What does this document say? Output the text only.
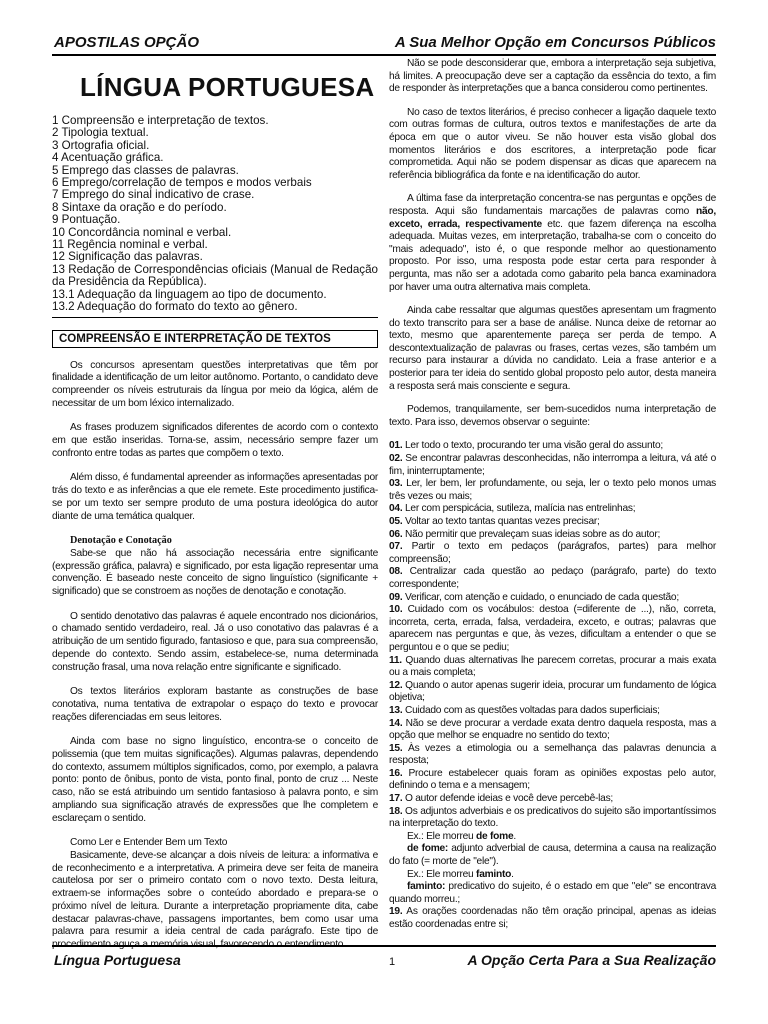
APOSTILAS OPÇÃO	A Sua Melhor Opção em Concursos Públicos
LÍNGUA PORTUGUESA
1 Compreensão e interpretação de textos.
2 Tipologia textual.
3 Ortografia oficial.
4 Acentuação gráfica.
5 Emprego das classes de palavras.
6 Emprego/correlação de tempos e modos verbais
7 Emprego do sinal indicativo de crase.
8 Sintaxe da oração e do período.
9 Pontuação.
10 Concordância nominal e verbal.
11 Regência nominal e verbal.
12 Significação das palavras.
13 Redação de Correspondências oficiais (Manual de Redação da Presidência da República).
13.1 Adequação da linguagem ao tipo de documento.
13.2 Adequação do formato do texto ao gênero.
COMPREENSÃO E INTERPRETAÇÃO DE TEXTOS

Os concursos apresentam questões interpretativas que têm por finalidade a identificação de um leitor autônomo. Portanto, o candidato deve compreender os níveis estruturais da língua por meio da lógica, além de necessitar de um bom léxico internalizado.

As frases produzem significados diferentes de acordo com o contexto em que estão inseridas. Torna-se, assim, necessário sempre fazer um confronto entre todas as partes que compõem o texto.

Além disso, é fundamental apreender as informações apresentadas por trás do texto e as inferências a que ele remete. Este procedimento justifica-se por um texto ser sempre produto de uma postura ideológica do autor diante de uma temática qualquer.

Denotação e Conotação

Sabe-se que não há associação necessária entre significante (expressão gráfica, palavra) e significado, por esta ligação representar uma convenção. É baseado neste conceito de signo linguístico (significante + significado) que se constroem as noções de denotação e conotação.

O sentido denotativo das palavras é aquele encontrado nos dicionários, o chamado sentido verdadeiro, real. Já o uso conotativo das palavras é a atribuição de um sentido figurado, fantasioso e que, para sua compreensão, depende do contexto. Sendo assim, estabelece-se, numa determinada construção frasal, uma nova relação entre significante e significado.

Os textos literários exploram bastante as construções de base conotativa, numa tentativa de extrapolar o espaço do texto e provocar reações diferenciadas em seus leitores.

Ainda com base no signo linguístico, encontra-se o conceito de polissemia (que tem muitas significações). Algumas palavras, dependendo do contexto, assumem múltiplos significados, como, por exemplo, a palavra ponto: ponto de ônibus, ponto de vista, ponto final, ponto de cruz ... Neste caso, não se está atribuindo um sentido fantasioso à palavra ponto, e sim ampliando sua significação através de expressões que lhe completem e esclareçam o sentido.

Como Ler e Entender Bem um Texto

Basicamente, deve-se alcançar a dois níveis de leitura: a informativa e de reconhecimento e a interpretativa. A primeira deve ser feita de maneira cautelosa por ser o primeiro contato com o novo texto. Desta leitura, extraem-se informações sobre o conteúdo abordado e prepara-se o próximo nível de leitura. Durante a interpretação propriamente dita, cabe destacar palavras-chave, passagens importantes, bem como usar uma palavra para resumir a ideia central de cada parágrafo. Este tipo de procedimento aguça a memória visual, favorecendo o entendimento.

Não se pode desconsiderar que, embora a interpretação seja subjetiva, há limites. A preocupação deve ser a captação da essência do texto, a fim de responder às interpretações que a banca considerou como pertinentes.

No caso de textos literários, é preciso conhecer a ligação daquele texto com outras formas de cultura, outros textos e manifestações de arte da época em que o autor viveu. Se não houver esta visão global dos momentos literários e dos escritores, a interpretação pode ficar comprometida. Aqui não se podem dispensar as dicas que aparecem na referência bibliográfica da fonte e na identificação do autor.

A última fase da interpretação concentra-se nas perguntas e opções de resposta. Aqui são fundamentais marcações de palavras como não, exceto, errada, respectivamente etc. que fazem diferença na escolha adequada. Muitas vezes, em interpretação, trabalha-se com o conceito do "mais adequado", isto é, o que responde melhor ao questionamento proposto. Por isso, uma resposta pode estar certa para responder à pergunta, mas não ser a adotada como gabarito pela banca examinadora por haver uma outra alternativa mais completa.

Ainda cabe ressaltar que algumas questões apresentam um fragmento do texto transcrito para ser a base de análise. Nunca deixe de retornar ao texto, mesmo que aparentemente pareça ser perda de tempo. A descontextualização de palavras ou frases, certas vezes, são também um recurso para instaurar a dúvida no candidato. Leia a frase anterior e a posterior para ter ideia do sentido global proposto pelo autor, desta maneira a resposta será mais consciente e segura.

Podemos, tranquilamente, ser bem-sucedidos numa interpretação de texto. Para isso, devemos observar o seguinte:

01. Ler todo o texto, procurando ter uma visão geral do assunto;

02. Se encontrar palavras desconhecidas, não interrompa a leitura, vá até o fim, ininterruptamente;

03. Ler, ler bem, ler profundamente, ou seja, ler o texto pelo monos umas três vezes ou mais;

04. Ler com perspicácia, sutileza, malícia nas entrelinhas;

05. Voltar ao texto tantas quantas vezes precisar;

06. Não permitir que prevaleçam suas ideias sobre as do autor;

07. Partir o texto em pedaços (parágrafos, partes) para melhor compreensão;

08. Centralizar cada questão ao pedaço (parágrafo, parte) do texto correspondente;

09. Verificar, com atenção e cuidado, o enunciado de cada questão;

10. Cuidado com os vocábulos: destoa (=diferente de ...), não, correta, incorreta, certa, errada, falsa, verdadeira, exceto, e outras; palavras que aparecem nas perguntas e que, às vezes, dificultam a entender o que se perguntou e o que se pediu;

11. Quando duas alternativas lhe parecem corretas, procurar a mais exata ou a mais completa;

12. Quando o autor apenas sugerir ideia, procurar um fundamento de lógica objetiva;

13. Cuidado com as questões voltadas para dados superficiais;

14. Não se deve procurar a verdade exata dentro daquela resposta, mas a opção que melhor se enquadre no sentido do texto;

15. Às vezes a etimologia ou a semelhança das palavras denuncia a resposta;

16. Procure estabelecer quais foram as opiniões expostas pelo autor, definindo o tema e a mensagem;

17. O autor defende ideias e você deve percebê-las;

18. Os adjuntos adverbiais e os predicativos do sujeito são importantíssimos na interpretação do texto.

Ex.: Ele morreu de fome.

de fome: adjunto adverbial de causa, determina a causa na realização do fato (= morte de "ele").

Ex.: Ele morreu faminto.

faminto: predicativo do sujeito, é o estado em que "ele" se encontrava quando morreu.;

19. As orações coordenadas não têm oração principal, apenas as ideias estão coordenadas entre si;

Língua Portuguesa	A Opção Certa Para a Sua Realização
1
